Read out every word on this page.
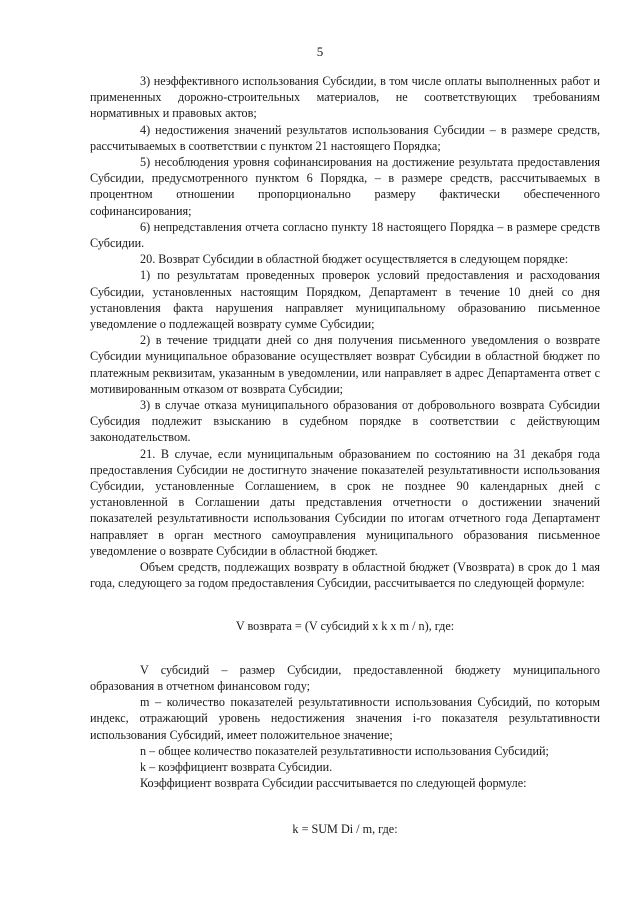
5

3) неэффективного использования Субсидии, в том числе оплаты выполненных работ и примененных дорожно-строительных материалов, не соответствующих требованиям нормативных и правовых актов;

4) недостижения значений результатов использования Субсидии – в размере средств, рассчитываемых в соответствии с пунктом 21 настоящего Порядка;

5) несоблюдения уровня софинансирования на достижение результата предоставления Субсидии, предусмотренного пунктом 6 Порядка, – в размере средств, рассчитываемых в процентном отношении пропорционально размеру фактически обеспеченного софинансирования;

6) непредставления отчета согласно пункту 18 настоящего Порядка – в размере средств Субсидии.

20. Возврат Субсидии в областной бюджет осуществляется в следующем порядке:

1) по результатам проведенных проверок условий предоставления и расходования Субсидии, установленных настоящим Порядком, Департамент в течение 10 дней со дня установления факта нарушения направляет муниципальному образованию письменное уведомление о подлежащей возврату сумме Субсидии;

2) в течение тридцати дней со дня получения письменного уведомления о возврате Субсидии муниципальное образование осуществляет возврат Субсидии в областной бюджет по платежным реквизитам, указанным в уведомлении, или направляет в адрес Департамента ответ с мотивированным отказом от возврата Субсидии;

3) в случае отказа муниципального образования от добровольного возврата Субсидии Субсидия подлежит взысканию в судебном порядке в соответствии с действующим законодательством.

21. В случае, если муниципальным образованием по состоянию на 31 декабря года предоставления Субсидии не достигнуто значение показателей результативности использования Субсидии, установленные Соглашением, в срок не позднее 90 календарных дней с установленной в Соглашении даты представления отчетности о достижении значений показателей результативности использования Субсидии по итогам отчетного года Департамент направляет в орган местного самоуправления муниципального образования письменное уведомление о возврате Субсидии в областной бюджет.

Объем средств, подлежащих возврату в областной бюджет (Vвозврата) в срок до 1 мая года, следующего за годом предоставления Субсидии, рассчитывается по следующей формуле:

V возврата = (V субсидий x k x m / n), где:

V субсидий – размер Субсидии, предоставленной бюджету муниципального образования в отчетном финансовом году;

m – количество показателей результативности использования Субсидий, по которым индекс, отражающий уровень недостижения значения i-го показателя результативности использования Субсидий, имеет положительное значение;

n – общее количество показателей результативности использования Субсидий;

k – коэффициент возврата Субсидии.

Коэффициент возврата Субсидии рассчитывается по следующей формуле:

k = SUM Di / m, где:
